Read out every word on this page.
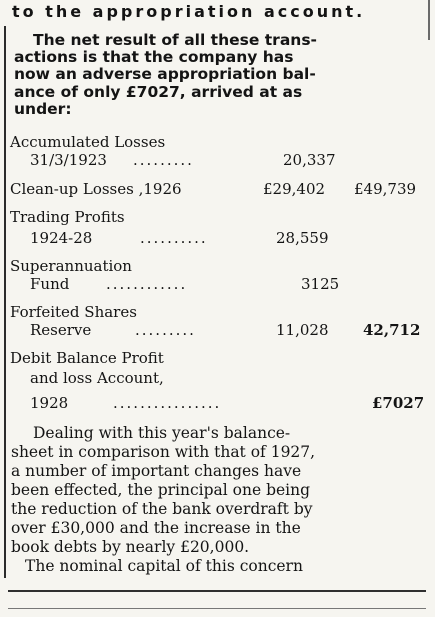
to the appropriation account.
The net result of all these trans-
actions is that the company has
now an adverse appropriation bal-
ance of only £7027, arrived at as
under:
Accumulated Losses
31/3/1923 .........	20,337
Clean-up Losses ,1926	£29,402 £49,739
Trading Profits
1924-28	..........	28,559
Superannuation
Fund ............	3125
Forfeited Shares
Reserve	.........	11,028 42,712
Debit Balance Profit
and loss Account,
1928	................	£7027
Dealing with this year's balance-
sheet in comparison with that of 1927,
a number of important changes have
been effected, the principal one being
the reduction of the bank overdraft by
over £30,000 and the increase in the
book debts by nearly £20,000.
The nominal capital of this concern
